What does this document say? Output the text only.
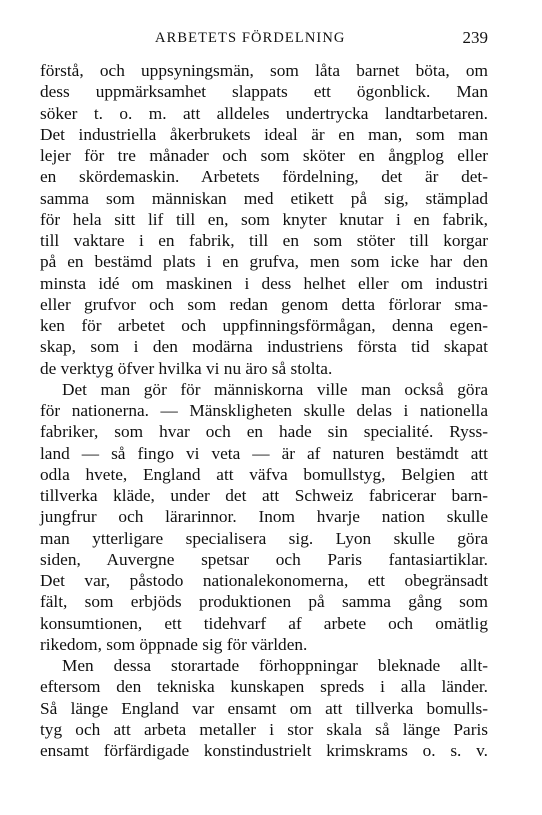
ARBETETS FÖRDELNING	239
förstå, och uppsyningsmän, som låta barnet böta, om
dess uppmärksamhet slappats ett ögonblick. Man
söker t. o. m. att alldeles undertrycka landtarbetaren.
Det industriella åkerbrukets ideal är en man, som man
lejer för tre månader och som sköter en ångplog eller
en skördemaskin. Arbetets fördelning, det är det-
samma som människan med etikett på sig, stämplad
för hela sitt lif till en, som knyter knutar i en fabrik,
till vaktare i en fabrik, till en som stöter till korgar
på en bestämd plats i en grufva, men som icke har den
minsta idé om maskinen i dess helhet eller om industri
eller grufvor och som redan genom detta förlorar sma-
ken för arbetet och uppfinningsförmågan, denna egen-
skap, som i den modärna industriens första tid skapat
de verktyg öfver hvilka vi nu äro så stolta.
Det man gör för människorna ville man också göra
för nationerna. — Mänskligheten skulle delas i nationella
fabriker, som hvar och en hade sin specialité. Ryss-
land — så fingo vi veta — är af naturen bestämdt att
odla hvete, England att väfva bomullstyg, Belgien att
tillverka kläde, under det att Schweiz fabricerar barn-
jungfrur och lärarinnor. Inom hvarje nation skulle
man ytterligare specialisera sig. Lyon skulle göra
siden, Auvergne spetsar och Paris fantasiartiklar.
Det var, påstodo nationalekonomerna, ett obegränsadt
fält, som erbjöds produktionen på samma gång som
konsumtionen, ett tidehvarf af arbete och omätlig
rikedom, som öppnade sig för världen.
Men dessa storartade förhoppningar bleknade allt-
eftersom den tekniska kunskapen spreds i alla länder.
Så länge England var ensamt om att tillverka bomulls-
tyg och att arbeta metaller i stor skala så länge Paris
ensamt förfärdigade konstindustrielt krimskrams o. s. v.
